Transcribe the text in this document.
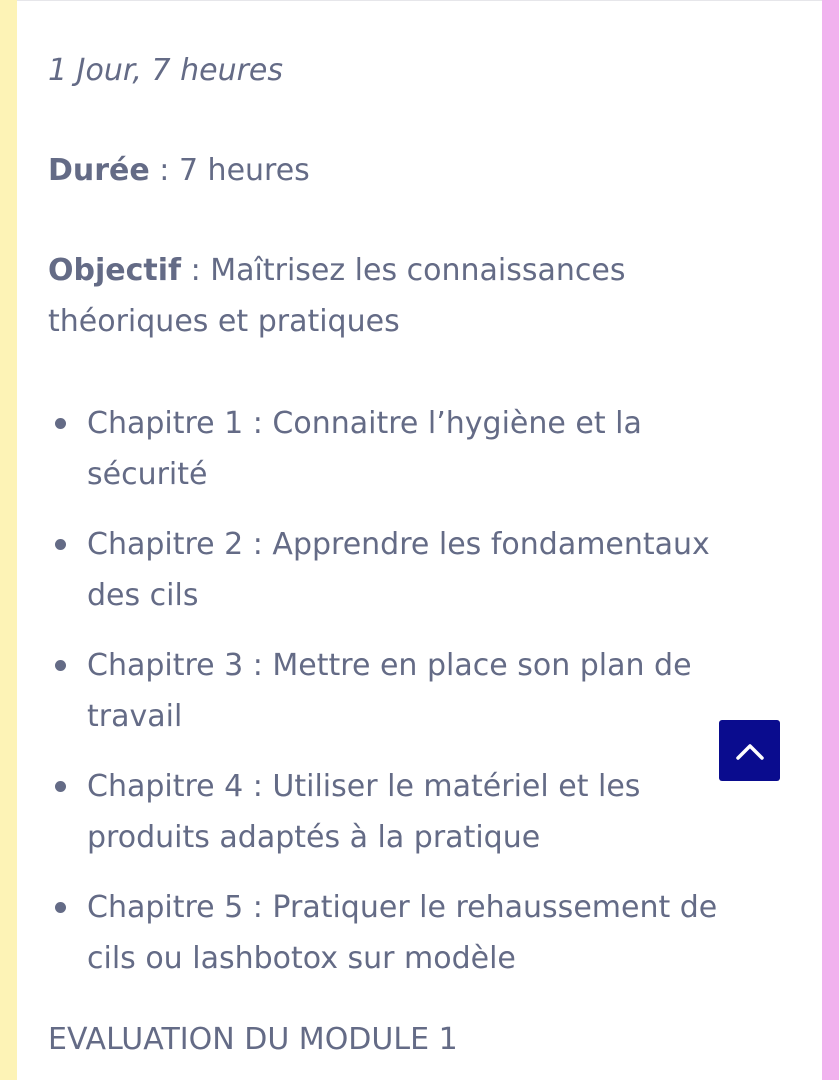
1 Jour, 7 heures
Durée : 7 heures
Objectif : Maîtrisez les connaissances théoriques et pratiques
Chapitre 1 : Connaitre l’hygiène et la sécurité
Chapitre 2 : Apprendre les fondamentaux des cils
Chapitre 3 : Mettre en place son plan de travail
Chapitre 4 : Utiliser le matériel et les produits adaptés à la pratique
Chapitre 5 : Pratiquer le rehaussement de cils ou lashbotox sur modèle
EVALUATION DU MODULE 1
